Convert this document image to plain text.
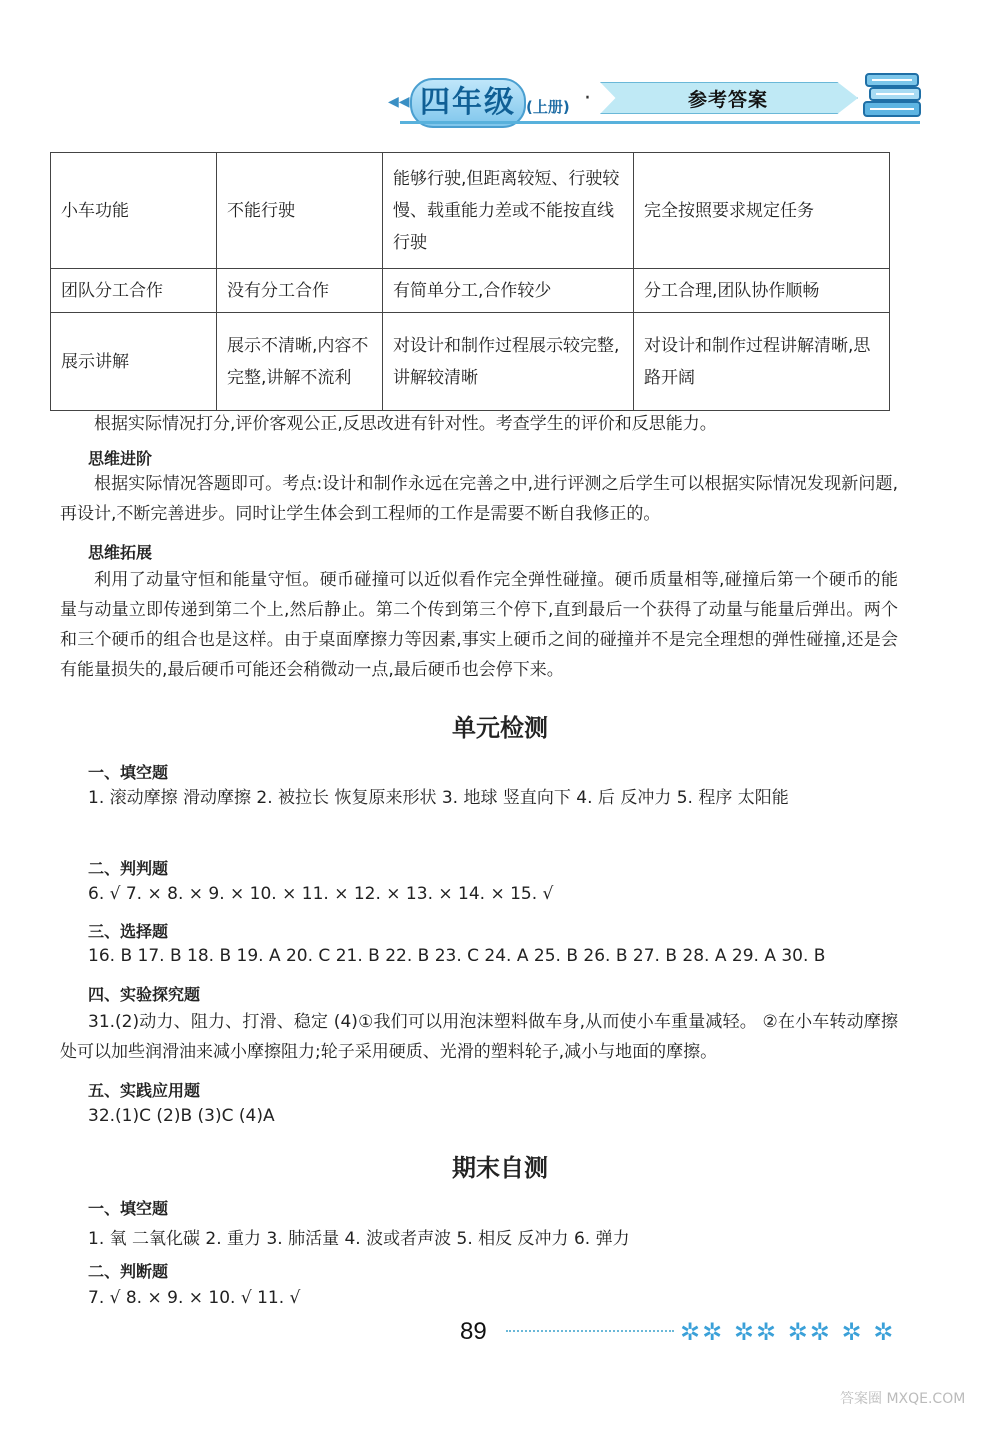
◀◀ 四年级 (上册) ·	参考答案
小车功能	不能行驶	能够行驶,但距离较短、行驶较慢、载重能力差或不能按直线行驶	完全按照要求规定任务
团队分工合作	没有分工合作	有简单分工,合作较少	分工合理,团队协作顺畅
展示讲解	展示不清晰,内容不完整,讲解不流利	对设计和制作过程展示较完整,讲解较清晰	对设计和制作过程讲解清晰,思路开阔
根据实际情况打分,评价客观公正,反思改进有针对性。考查学生的评价和反思能力。
思维进阶
根据实际情况答题即可。考点:设计和制作永远在完善之中,进行评测之后学生可以根据实际情况发现新问题,再设计,不断完善进步。同时让学生体会到工程师的工作是需要不断自我修正的。
思维拓展
利用了动量守恒和能量守恒。硬币碰撞可以近似看作完全弹性碰撞。硬币质量相等,碰撞后第一个硬币的能量与动量立即传递到第二个上,然后静止。第二个传到第三个停下,直到最后一个获得了动量与能量后弹出。两个和三个硬币的组合也是这样。由于桌面摩擦力等因素,事实上硬币之间的碰撞并不是完全理想的弹性碰撞,还是会有能量损失的,最后硬币可能还会稍微动一点,最后硬币也会停下来。
单元检测
一、填空题
1. 滚动摩擦 滑动摩擦 2. 被拉长 恢复原来形状 3. 地球 竖直向下 4. 后 反冲力 5. 程序 太阳能
二、判判题
6. √ 7. × 8. × 9. × 10. × 11. × 12. × 13. × 14. × 15. √
三、选择题
16. B 17. B 18. B 19. A 20. C 21. B 22. B 23. C 24. A 25. B 26. B 27. B 28. A 29. A 30. B
四、实验探究题
31.(2)动力、阻力、打滑、稳定 (4)①我们可以用泡沫塑料做车身,从而使小车重量减轻。 ②在小车转动摩擦处可以加些润滑油来减小摩擦阻力;轮子采用硬质、光滑的塑料轮子,减小与地面的摩擦。
五、实践应用题
32.(1)C (2)B (3)C (4)A
期末自测
一、填空题
1. 氧 二氧化碳 2. 重力 3. 肺活量 4. 波或者声波 5. 相反 反冲力 6. 弹力
二、判断题
7. √ 8. × 9. × 10. √ 11. √
89	✲✲ ✲✲ ✲✲ ✲ ✲
答案圈 MXQE.COM
